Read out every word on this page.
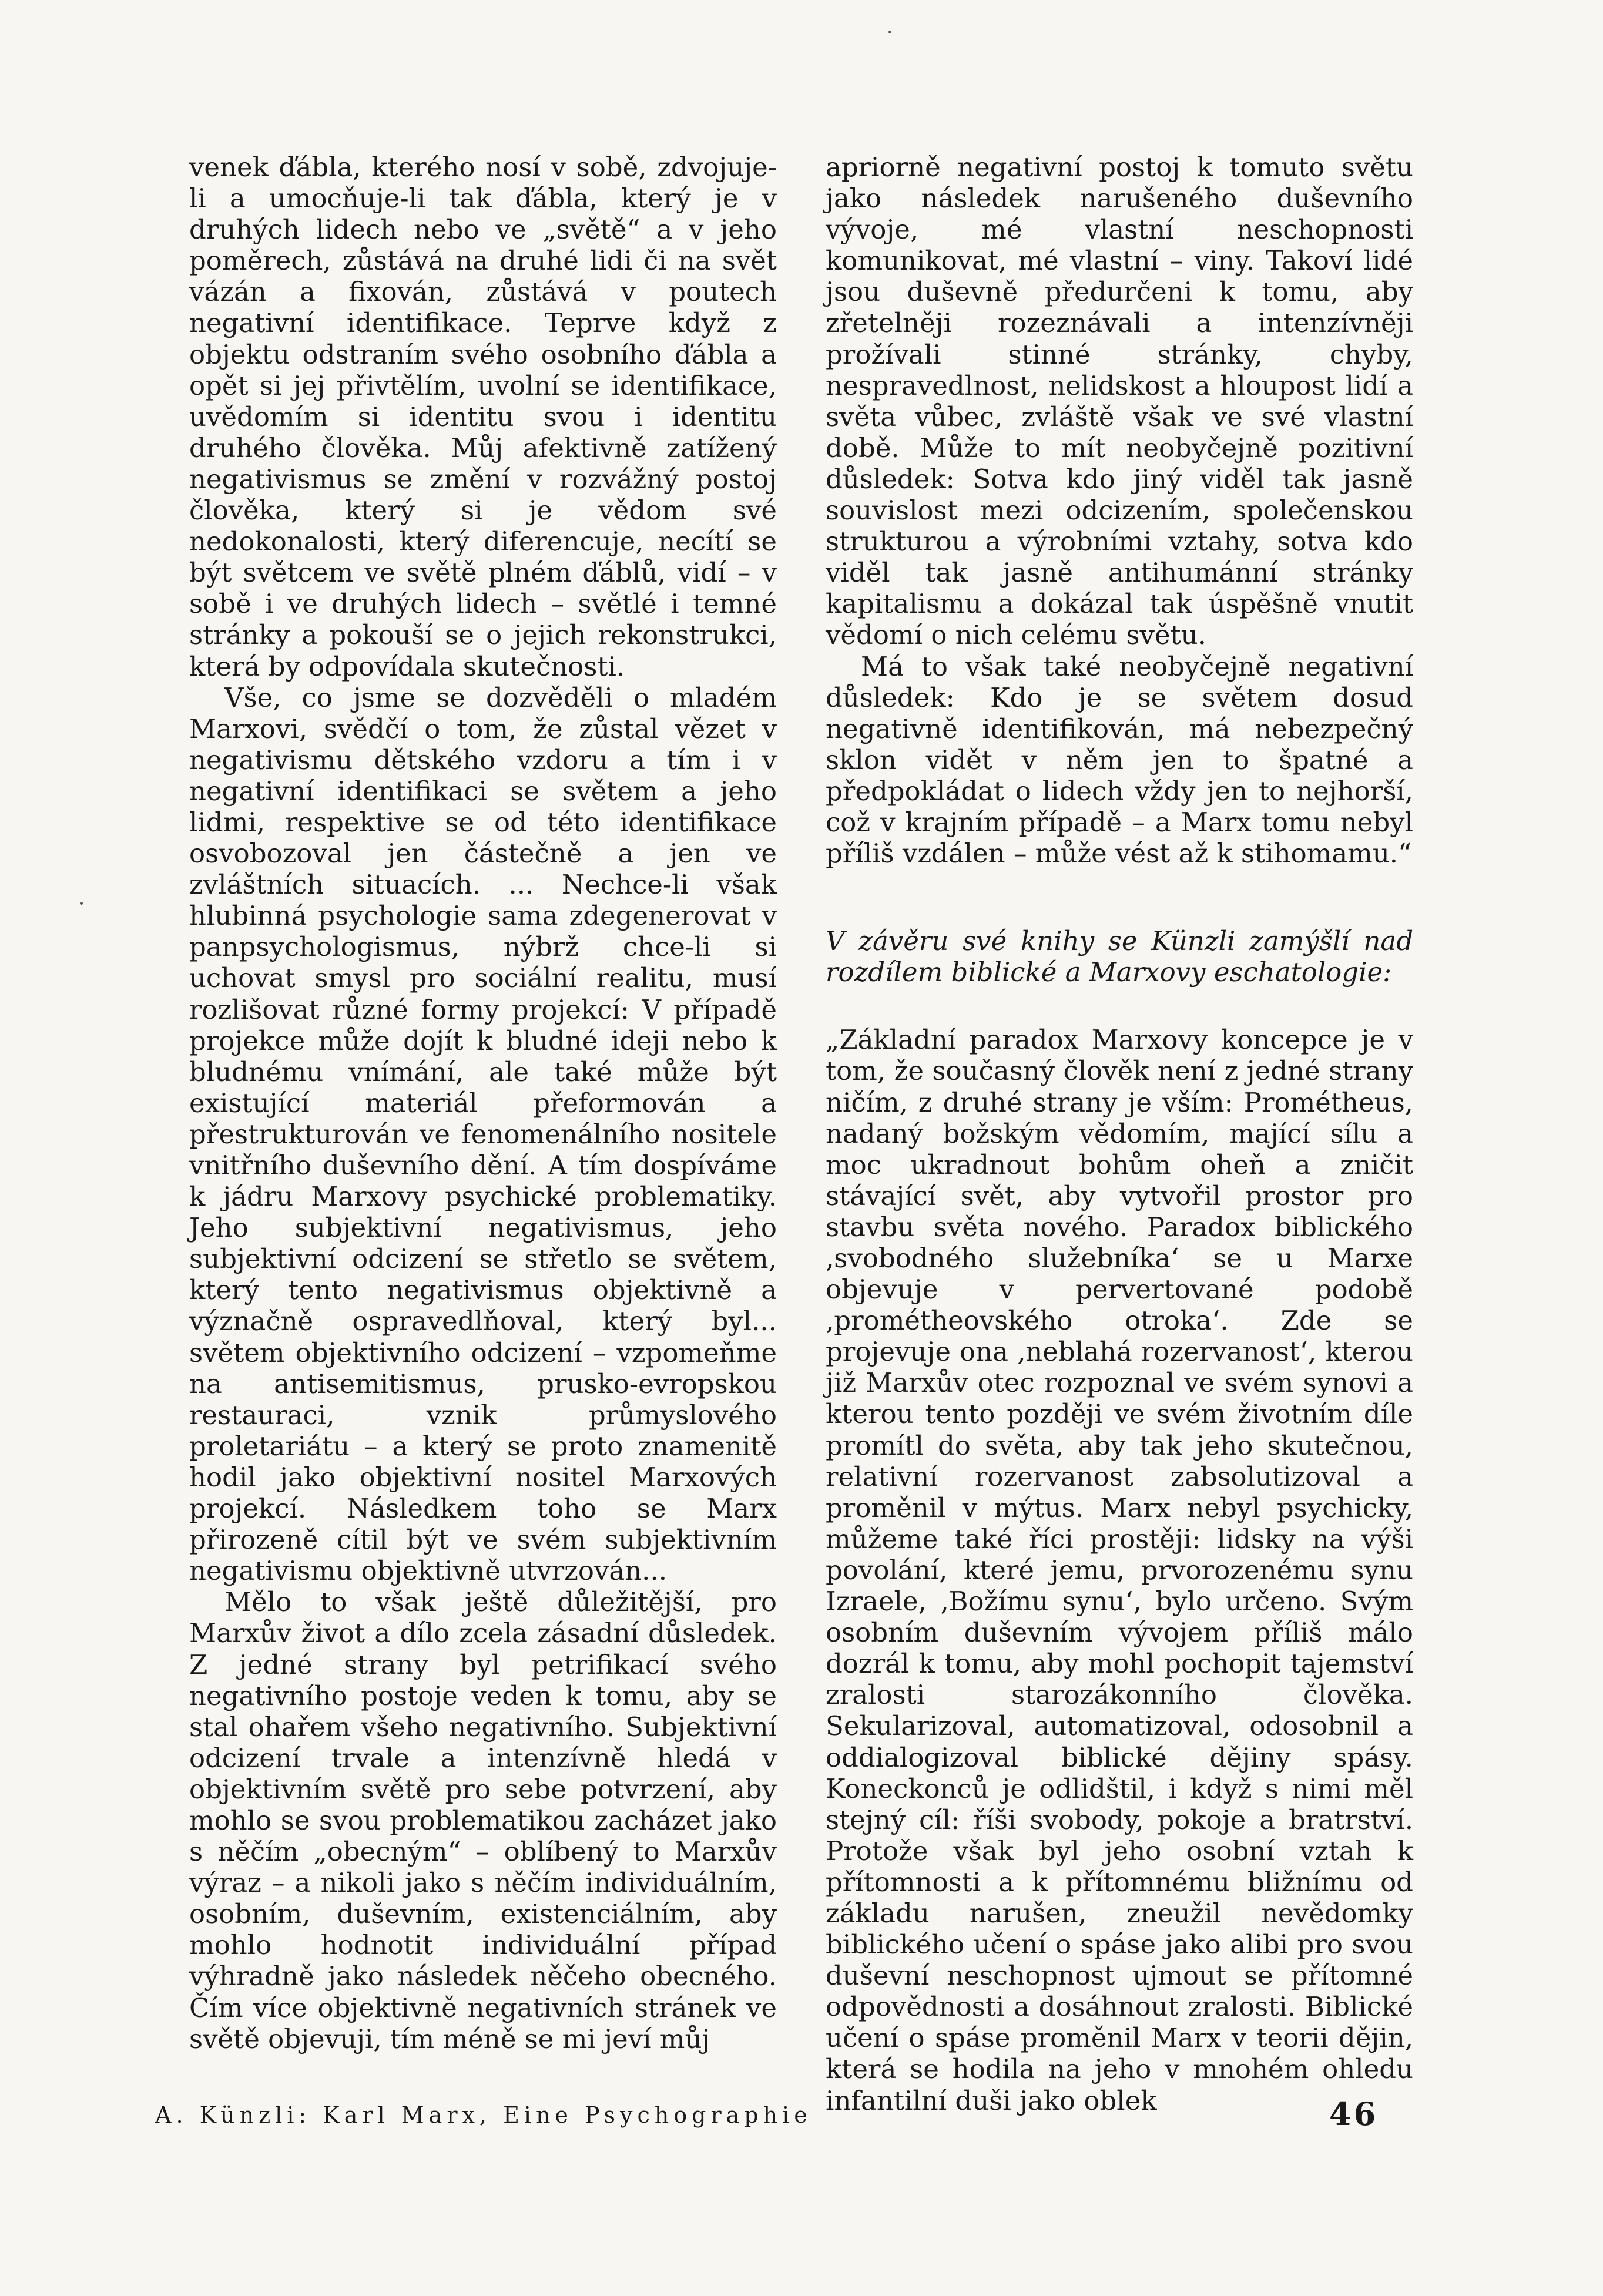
venek ďábla, kterého nosí v sobě, zdvojuje-li a umocňuje-li tak ďábla, který je v druhých lidech nebo ve „světě“ a v jeho poměrech, zůstává na druhé lidi či na svět vázán a fixován, zůstává v poutech negativní identifikace. Teprve když z objektu odstraním svého osobního ďábla a opět si jej přivtělím, uvolní se identifikace, uvědomím si identitu svou i identitu druhého člověka. Můj afektivně zatížený negativismus se změní v rozvážný postoj člověka, který si je vědom své nedokonalosti, který diferencuje, necítí se být světcem ve světě plném ďáblů, vidí – v sobě i ve druhých lidech – světlé i temné stránky a pokouší se o jejich rekonstrukci, která by odpovídala skutečnosti.

Vše, co jsme se dozvěděli o mladém Marxovi, svědčí o tom, že zůstal vězet v negativismu dětského vzdoru a tím i v negativní identifikaci se světem a jeho lidmi, respektive se od této identifikace osvobozoval jen částečně a jen ve zvláštních situacích. ... Nechce-li však hlubinná psychologie sama zdegenerovat v panpsychologismus, nýbrž chce-li si uchovat smysl pro sociální realitu, musí rozlišovat různé formy projekcí: V případě projekce může dojít k bludné ideji nebo k bludnému vnímání, ale také může být existující materiál přeformován a přestrukturován ve fenomenálního nositele vnitřního duševního dění. A tím dospíváme k jádru Marxovy psychické problematiky. Jeho subjektivní negativismus, jeho subjektivní odcizení se střetlo se světem, který tento negativismus objektivně a význačně ospravedlňoval, který byl... světem objektivního odcizení – vzpomeňme na antisemitismus, prusko-evropskou restauraci, vznik průmyslového proletariátu – a který se proto znamenitě hodil jako objektivní nositel Marxových projekcí. Následkem toho se Marx přirozeně cítil být ve svém subjektivním negativismu objektivně utvrzován...

Mělo to však ještě důležitější, pro Marxův život a dílo zcela zásadní důsledek. Z jedné strany byl petrifikací svého negativního postoje veden k tomu, aby se stal ohařem všeho negativního. Subjektivní odcizení trvale a intenzívně hledá v objektivním světě pro sebe potvrzení, aby mohlo se svou problematikou zacházet jako s něčím „obecným“ – oblíbený to Marxův výraz – a nikoli jako s něčím individuálním, osobním, duševním, existenciálním, aby mohlo hodnotit individuální případ výhradně jako následek něčeho obecného. Čím více objektivně negativních stránek ve světě objevuji, tím méně se mi jeví můj

apriorně negativní postoj k tomuto světu jako následek narušeného duševního vývoje, mé vlastní neschopnosti komunikovat, mé vlastní – viny. Takoví lidé jsou duševně předurčeni k tomu, aby zřetelněji rozeznávali a intenzívněji prožívali stinné stránky, chyby, nespravedlnost, nelidskost a hloupost lidí a světa vůbec, zvláště však ve své vlastní době. Může to mít neobyčejně pozitivní důsledek: Sotva kdo jiný viděl tak jasně souvislost mezi odcizením, společenskou strukturou a výrobními vztahy, sotva kdo viděl tak jasně antihumánní stránky kapitalismu a dokázal tak úspěšně vnutit vědomí o nich celému světu.

Má to však také neobyčejně negativní důsledek: Kdo je se světem dosud negativně identifikován, má nebezpečný sklon vidět v něm jen to špatné a předpokládat o lidech vždy jen to nejhorší, což v krajním případě – a Marx tomu nebyl příliš vzdálen – může vést až k stihomamu.“

V závěru své knihy se Künzli zamýšlí nad rozdílem biblické a Marxovy eschatologie:

„Základní paradox Marxovy koncepce je v tom, že současný člověk není z jedné strany ničím, z druhé strany je vším: Prométheus, nadaný božským vědomím, mající sílu a moc ukradnout bohům oheň a zničit stávající svět, aby vytvořil prostor pro stavbu světa nového. Paradox biblického ‚svobodného služebníka‘ se u Marxe objevuje v pervertované podobě ‚prométheovského otroka‘. Zde se projevuje ona ‚neblahá rozervanost‘, kterou již Marxův otec rozpoznal ve svém synovi a kterou tento později ve svém životním díle promítl do světa, aby tak jeho skutečnou, relativní rozervanost zabsolutizoval a proměnil v mýtus. Marx nebyl psychicky, můžeme také říci prostěji: lidsky na výši povolání, které jemu, prvorozenému synu Izraele, ‚Božímu synu‘, bylo určeno. Svým osobním duševním vývojem příliš málo dozrál k tomu, aby mohl pochopit tajemství zralosti starozákonního člověka. Sekularizoval, automatizoval, odosobnil a oddialogizoval biblické dějiny spásy. Koneckonců je odlidštil, i když s nimi měl stejný cíl: říši svobody, pokoje a bratrství. Protože však byl jeho osobní vztah k přítomnosti a k přítomnému bližnímu od základu narušen, zneužil nevědomky biblického učení o spáse jako alibi pro svou duševní neschopnost ujmout se přítomné odpovědnosti a dosáhnout zralosti. Biblické učení o spáse proměnil Marx v teorii dějin, která se hodila na jeho v mnohém ohledu infantilní duši jako oblek

A. Künzli: Karl Marx, Eine Psychographie	46
